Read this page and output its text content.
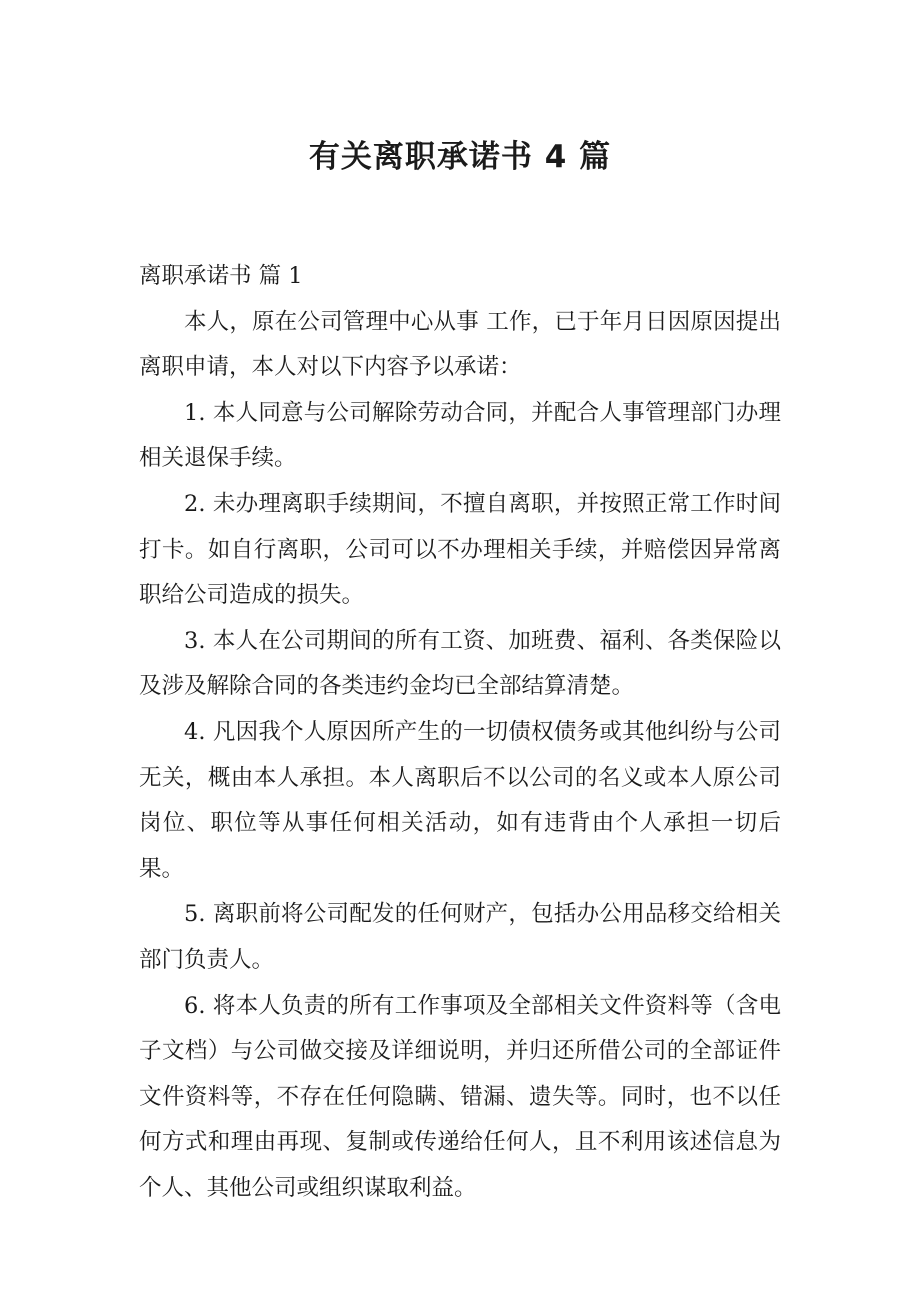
有关离职承诺书 4 篇

离职承诺书 篇 1

本人，原在公司管理中心从事 工作，已于年月日因原因提出离职申请，本人对以下内容予以承诺：

1. 本人同意与公司解除劳动合同，并配合人事管理部门办理相关退保手续。

2. 未办理离职手续期间，不擅自离职，并按照正常工作时间打卡。如自行离职，公司可以不办理相关手续，并赔偿因异常离职给公司造成的损失。

3. 本人在公司期间的所有工资、加班费、福利、各类保险以及涉及解除合同的各类违约金均已全部结算清楚。

4. 凡因我个人原因所产生的一切债权债务或其他纠纷与公司无关，概由本人承担。本人离职后不以公司的名义或本人原公司岗位、职位等从事任何相关活动，如有违背由个人承担一切后果。

5. 离职前将公司配发的任何财产，包括办公用品移交给相关部门负责人。

6. 将本人负责的所有工作事项及全部相关文件资料等（含电子文档）与公司做交接及详细说明，并归还所借公司的全部证件文件资料等，不存在任何隐瞒、错漏、遗失等。同时，也不以任何方式和理由再现、复制或传递给任何人，且不利用该述信息为个人、其他公司或组织谋取利益。
